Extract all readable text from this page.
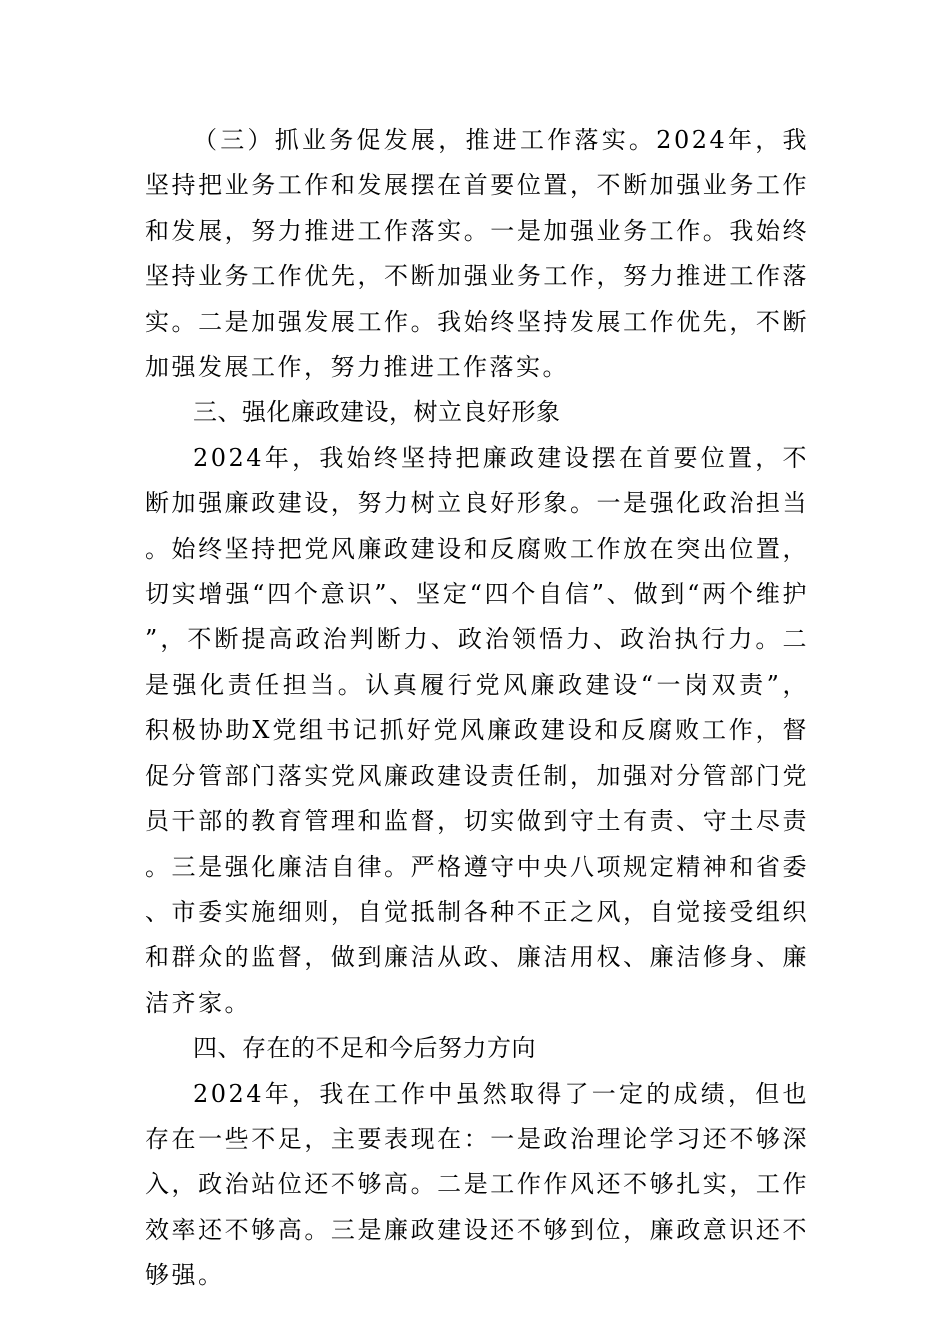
（三）抓业务促发展，推进工作落实。2024年，我坚持把业务工作和发展摆在首要位置，不断加强业务工作和发展，努力推进工作落实。一是加强业务工作。我始终坚持业务工作优先，不断加强业务工作，努力推进工作落实。二是加强发展工作。我始终坚持发展工作优先，不断加强发展工作，努力推进工作落实。

三、强化廉政建设，树立良好形象

2024年，我始终坚持把廉政建设摆在首要位置，不断加强廉政建设，努力树立良好形象。一是强化政治担当。始终坚持把党风廉政建设和反腐败工作放在突出位置，切实增强“四个意识”、坚定“四个自信”、做到“两个维护”，不断提高政治判断力、政治领悟力、政治执行力。二是强化责任担当。认真履行党风廉政建设“一岗双责”，积极协助X党组书记抓好党风廉政建设和反腐败工作，督促分管部门落实党风廉政建设责任制，加强对分管部门党员干部的教育管理和监督，切实做到守土有责、守土尽责。三是强化廉洁自律。严格遵守中央八项规定精神和省委、市委实施细则，自觉抵制各种不正之风，自觉接受组织和群众的监督，做到廉洁从政、廉洁用权、廉洁修身、廉洁齐家。

四、存在的不足和今后努力方向

2024年，我在工作中虽然取得了一定的成绩，但也存在一些不足，主要表现在：一是政治理论学习还不够深入，政治站位还不够高。二是工作作风还不够扎实，工作效率还不够高。三是廉政建设还不够到位，廉政意识还不够强。
